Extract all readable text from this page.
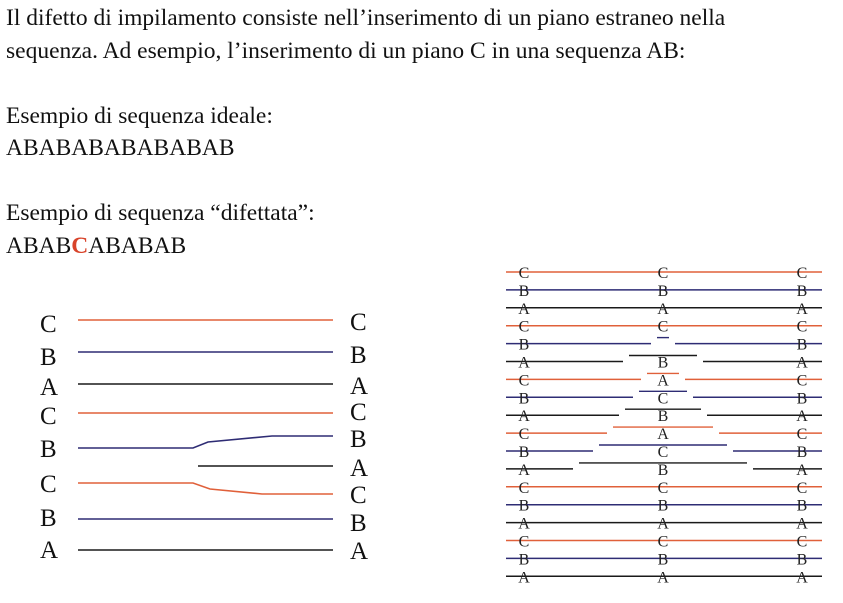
Il difetto di impilamento consiste nell’inserimento di un piano estraneo nella
sequenza. Ad esempio, l’inserimento di un piano C in una sequenza AB:
Esempio di sequenza ideale:
ABABABABABABAB
Esempio di sequenza “difettata”:
ABABCABABAB
C
B
A
C
B
C
B
A
C
B
A
C
B
A
C
B
A
C
B
A
C
B
A
C
B
A
C
B
A
C
B
A
C
B
A
C
B
A
C
B
A
C
B
A
C
B
C
B
A
C
B
A
C
B
A
C
B
A
C
B
A
C
B
A
C
B
A
C
B
A
